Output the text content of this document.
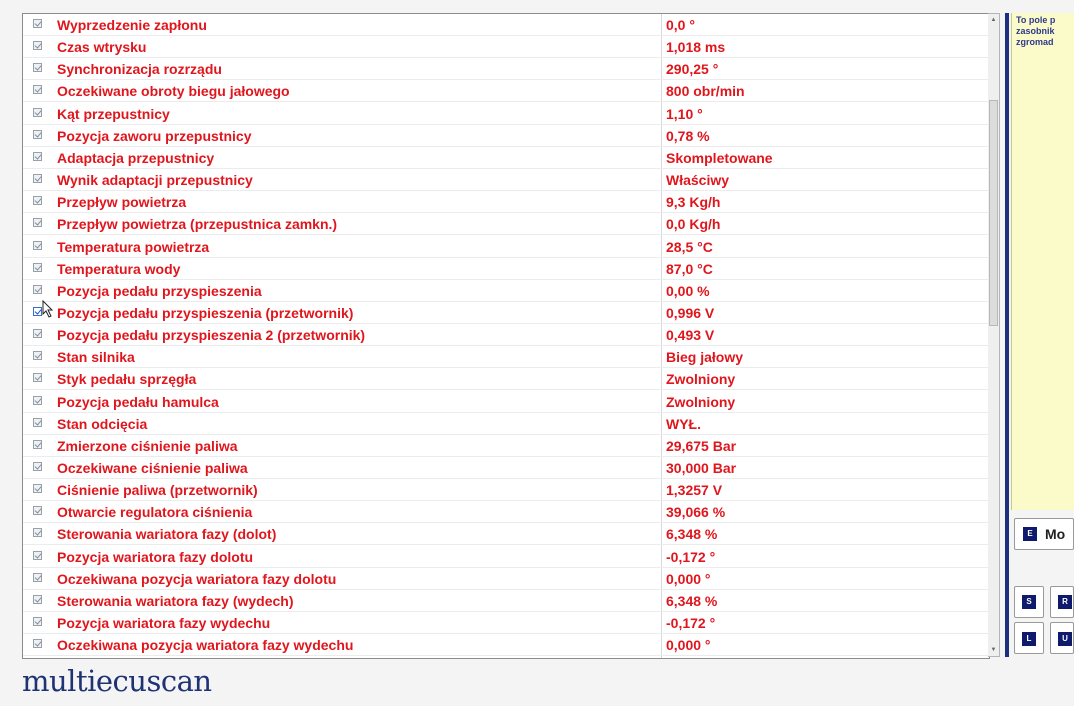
Wyprzedzenie zapłonu	0,0 °
Czas wtrysku	1,018 ms
Synchronizacja rozrządu	290,25 °
Oczekiwane obroty biegu jałowego	800 obr/min
Kąt przepustnicy	1,10 °
Pozycja zaworu przepustnicy	0,78 %
Adaptacja przepustnicy	Skompletowane
Wynik adaptacji przepustnicy	Właściwy
Przepływ powietrza	9,3 Kg/h
Przepływ powietrza (przepustnica zamkn.)	0,0 Kg/h
Temperatura powietrza	28,5 °C
Temperatura wody	87,0 °C
Pozycja pedału przyspieszenia	0,00 %
Pozycja pedału przyspieszenia (przetwornik)	0,996 V
Pozycja pedału przyspieszenia 2 (przetwornik)	0,493 V
Stan silnika	Bieg jałowy
Styk pedału sprzęgła	Zwolniony
Pozycja pedału hamulca	Zwolniony
Stan odcięcia	WYŁ.
Zmierzone ciśnienie paliwa	29,675 Bar
Oczekiwane ciśnienie paliwa	30,000 Bar
Ciśnienie paliwa (przetwornik)	1,3257 V
Otwarcie regulatora ciśnienia	39,066 %
Sterowania wariatora fazy (dolot)	6,348 %
Pozycja wariatora fazy dolotu	-0,172 °
Oczekiwana pozycja wariatora fazy dolotu	0,000 °
Sterowania wariatora fazy (wydech)	6,348 %
Pozycja wariatora fazy wydechu	-0,172 °
Oczekiwana pozycja wariatora fazy wydechu	0,000 °
▲
▼
To pole p
zasobnik
zgromad
E Mo
S	R
L	U
multiecuscan
